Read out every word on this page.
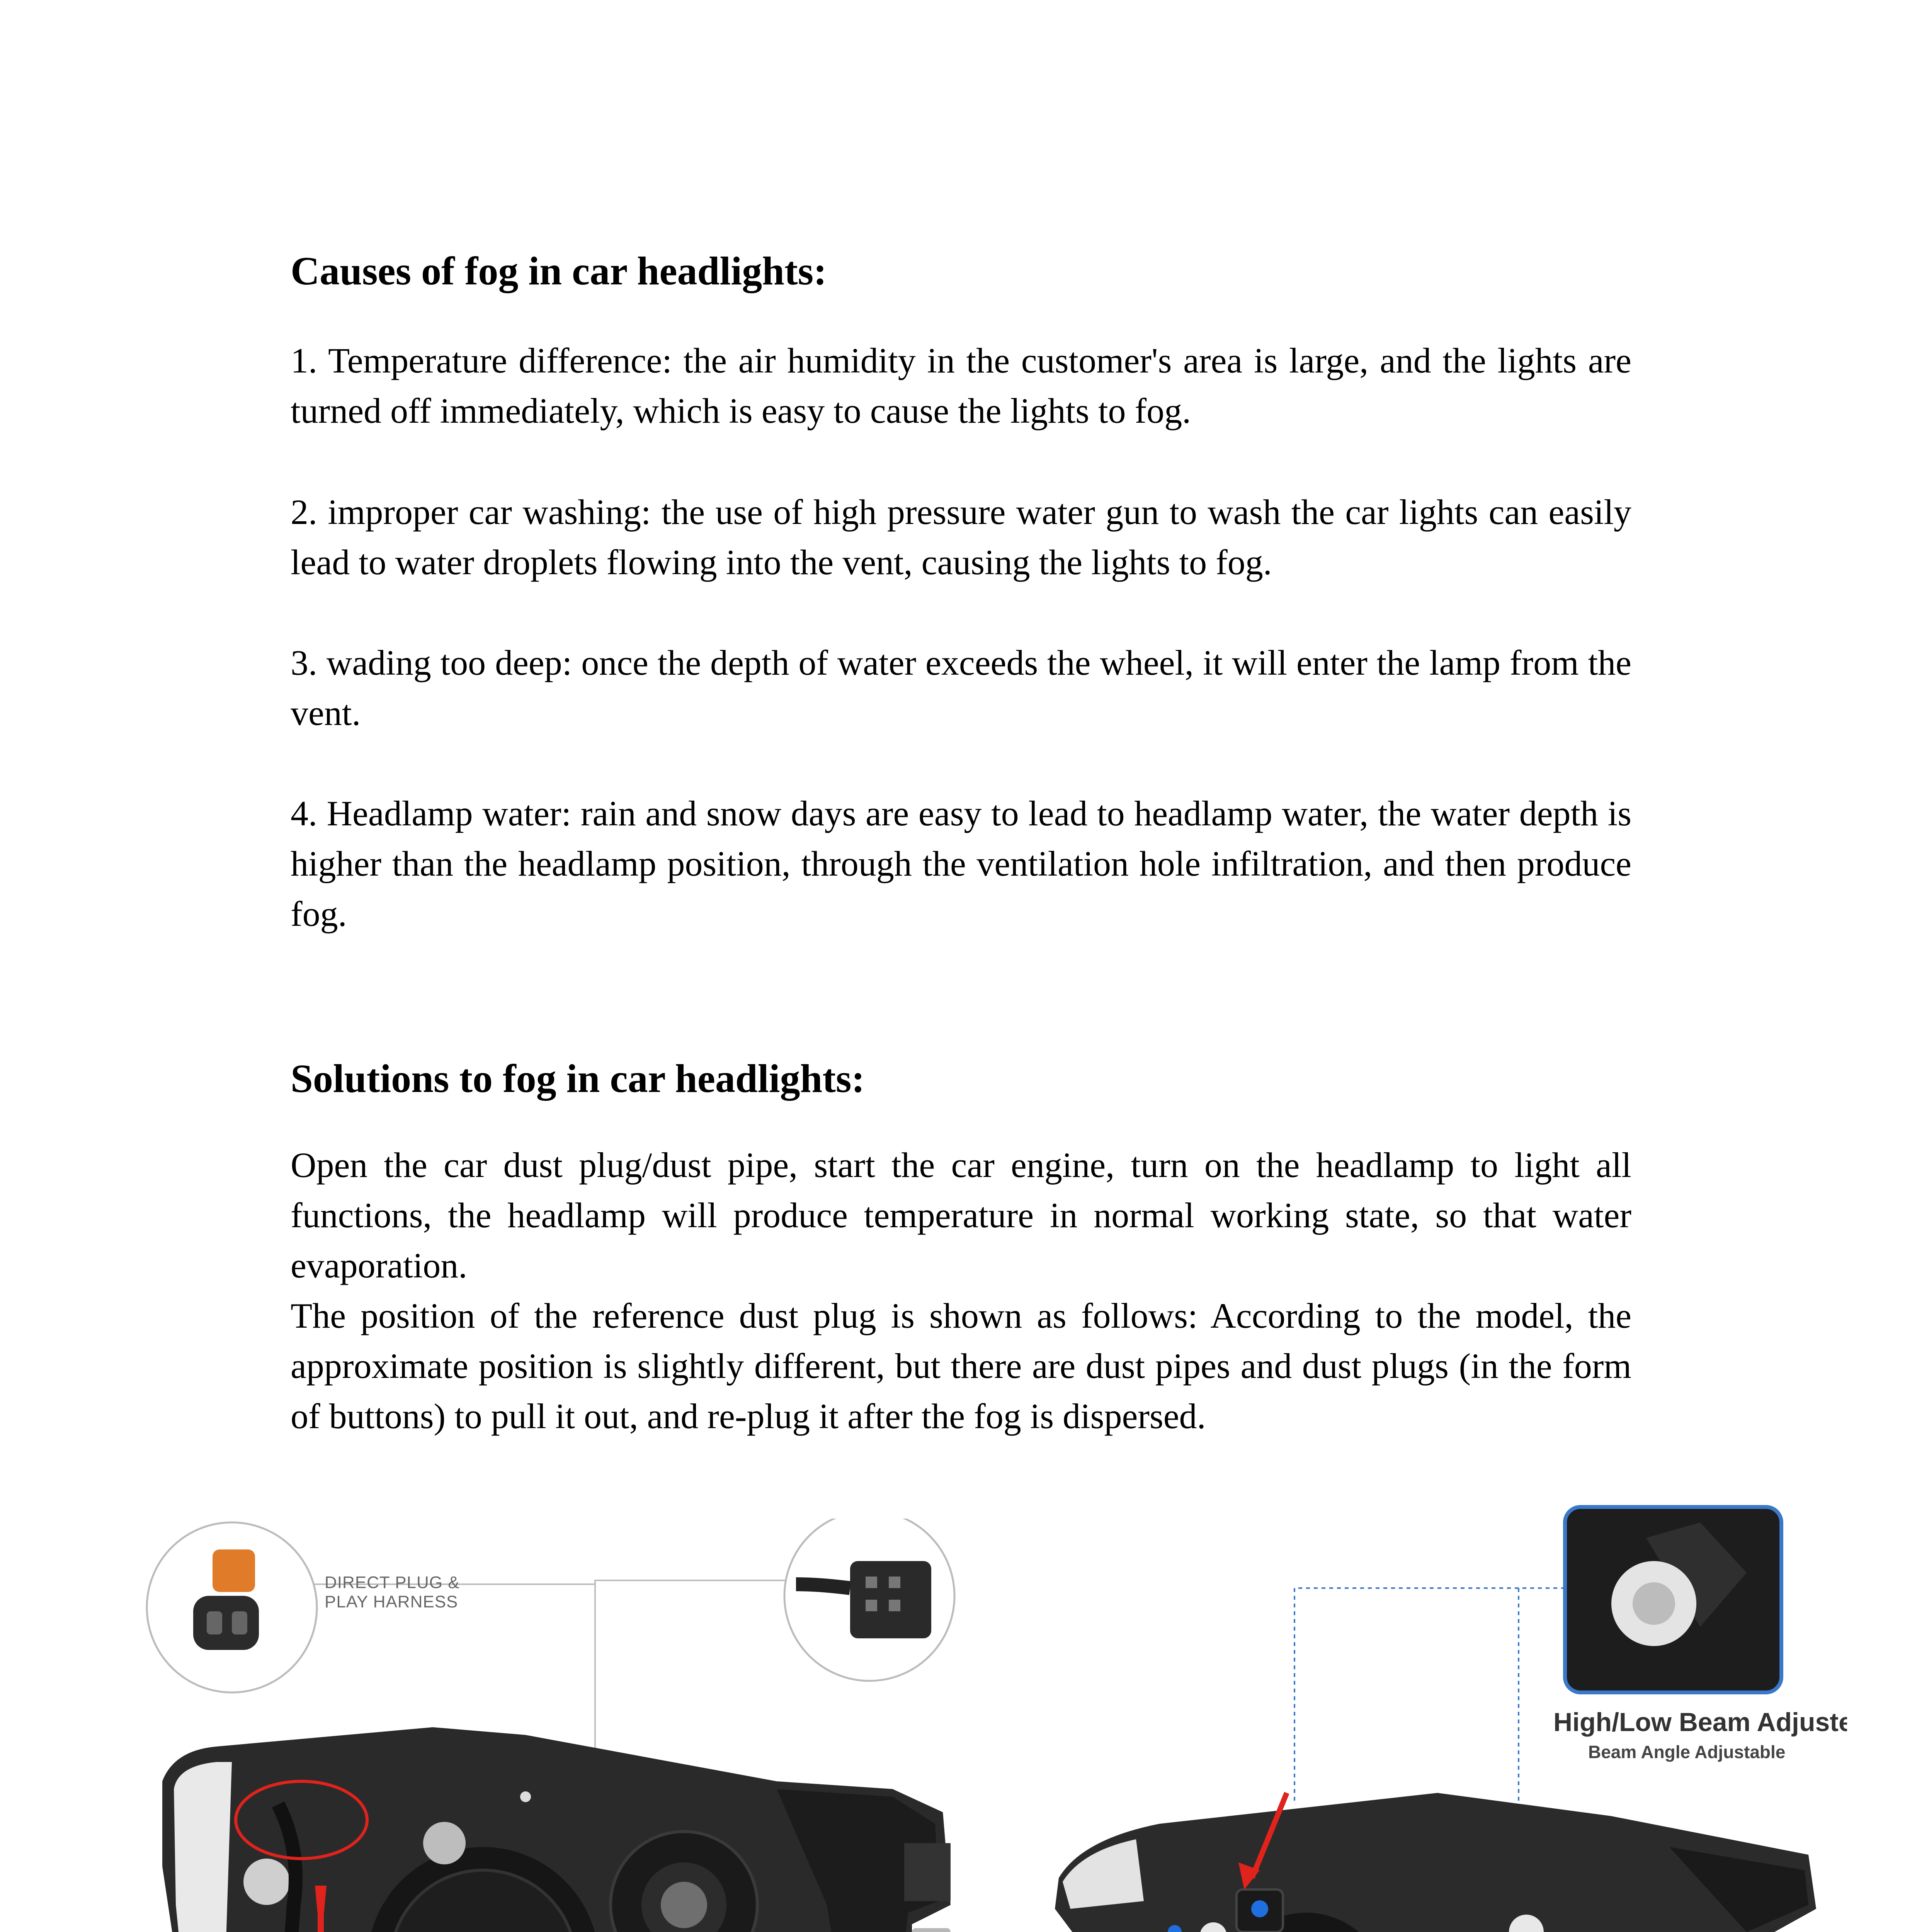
Causes of fog in car headlights:

1. Temperature difference: the air humidity in the customer's area is large, and the lights are turned off immediately, which is easy to cause the lights to fog.

2. improper car washing: the use of high pressure water gun to wash the car lights can easily lead to water droplets flowing into the vent, causing the lights to fog.

3. wading too deep: once the depth of water exceeds the wheel, it will enter the lamp from the vent.

4. Headlamp water: rain and snow days are easy to lead to headlamp water, the water depth is higher than the headlamp position, through the ventilation hole infiltration, and then produce fog.

Solutions to fog in car headlights:

Open the car dust plug/dust pipe, start the car engine, turn on the headlamp to light all functions, the headlamp will produce temperature in normal working state, so that water evaporation.

The position of the reference dust plug is shown as follows: According to the model, the approximate position is slightly different, but there are dust pipes and dust plugs (in the form of buttons) to pull it out, and re-plug it after the fog is dispersed.

DIRECT PLUG &
PLAY HARNESS
High/Low Beam Adjuste
Beam Angle Adjustable
